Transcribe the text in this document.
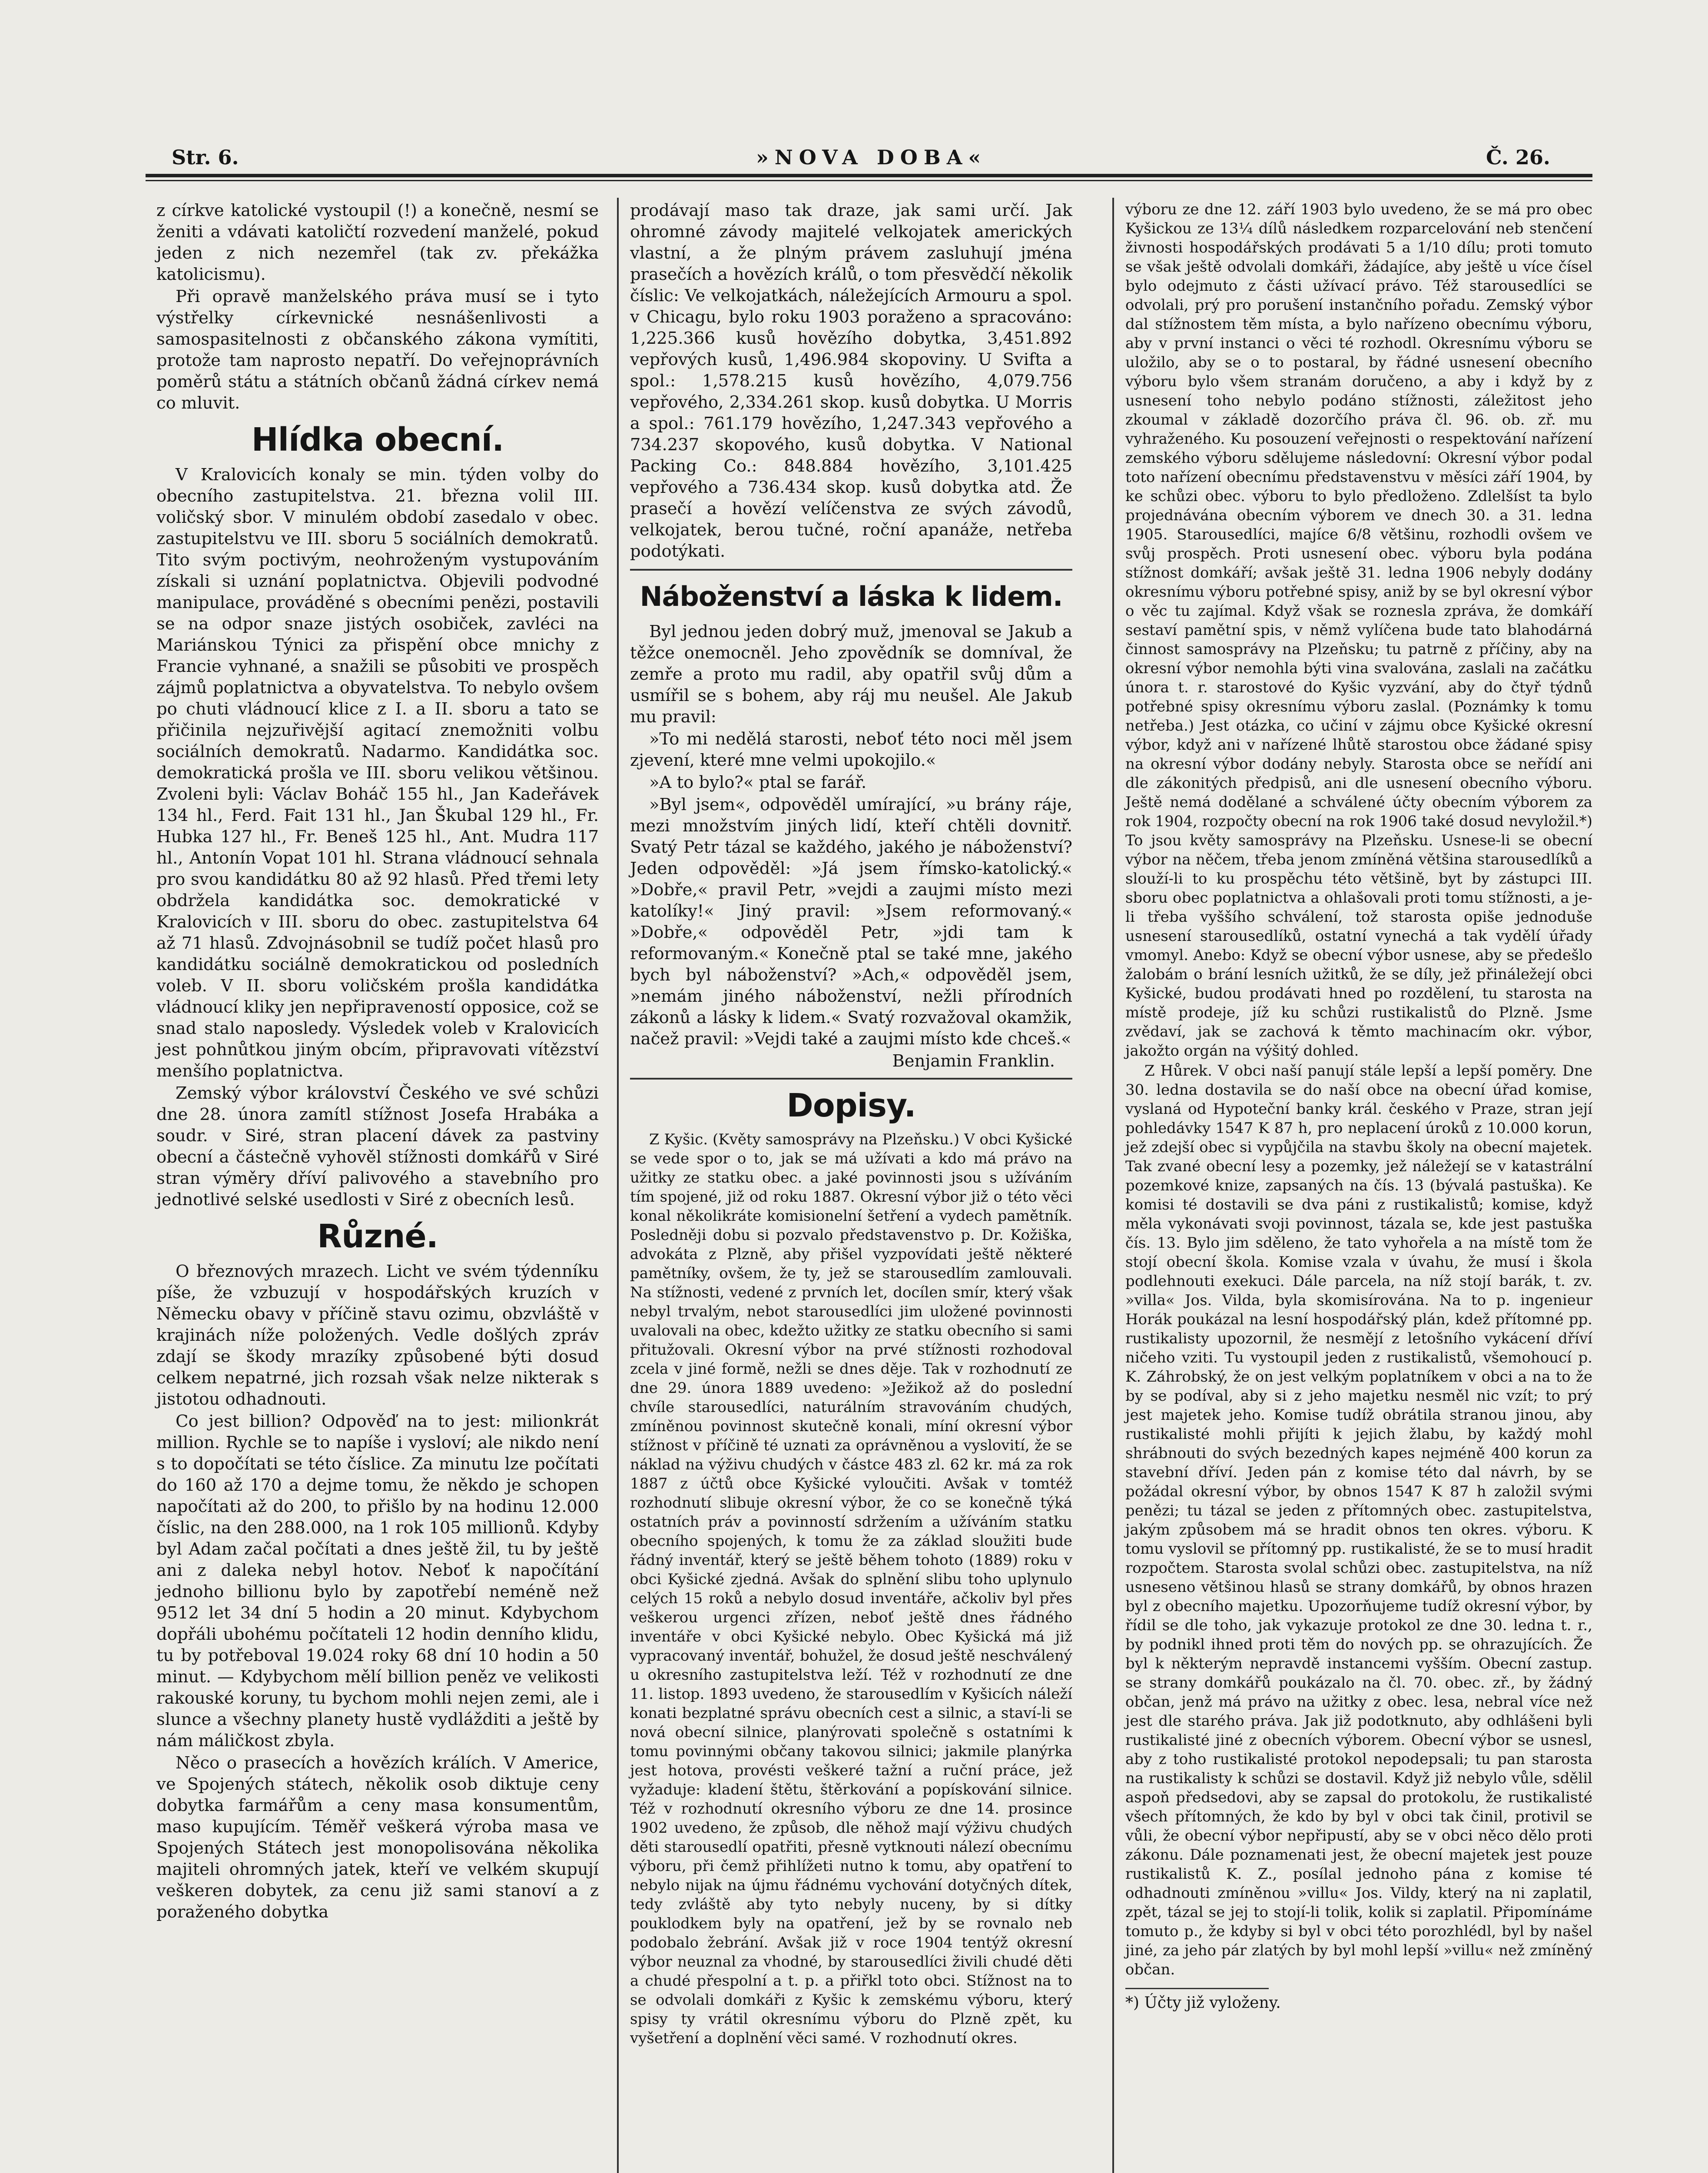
Str. 6.	»NOVA DOBA«	Č. 26.

z církve katolické vystoupil (!) a konečně, nesmí se ženiti a vdávati katoličtí rozvedení manželé, pokud jeden z nich nezemřel (tak zv. překážka katolicismu).

Při opravě manželského práva musí se i tyto výstřelky církevnické nesnášenlivosti a samospasitelnosti z občanského zákona vymítiti, protože tam naprosto nepatří. Do veřejnoprávních poměrů státu a státních občanů žádná církev nemá co mluvit.

Hlídka obecní.

V Kralovicích konaly se min. týden volby do obecního zastupitelstva. 21. března volil III. voličský sbor. V minulém období zasedalo v obec. zastupitelstvu ve III. sboru 5 sociálních demokratů. Tito svým poctivým, neohroženým vystupováním získali si uznání poplatnictva. Objevili podvodné manipulace, prováděné s obecními penězi, postavili se na odpor snaze jistých osobiček, zavléci na Mariánskou Týnici za přispění obce mnichy z Francie vyhnané, a snažili se působiti ve prospěch zájmů poplatnictva a obyvatelstva. To nebylo ovšem po chuti vládnoucí klice z I. a II. sboru a tato se přičinila nejzuřivější agitací znemožniti volbu sociálních demokratů. Nadarmo. Kandidátka soc. demokratická prošla ve III. sboru velikou většinou. Zvoleni byli: Václav Boháč 155 hl., Jan Kadeřávek 134 hl., Ferd. Fait 131 hl., Jan Škubal 129 hl., Fr. Hubka 127 hl., Fr. Beneš 125 hl., Ant. Mudra 117 hl., Antonín Vopat 101 hl. Strana vládnoucí sehnala pro svou kandidátku 80 až 92 hlasů. Před třemi lety obdržela kandidátka soc. demokratické v Kralovicích v III. sboru do obec. zastupitelstva 64 až 71 hlasů. Zdvojnásobnil se tudíž počet hlasů pro kandidátku sociálně demokratickou od posledních voleb. V II. sboru voličském prošla kandidátka vládnoucí kliky jen nepřipraveností opposice, což se snad stalo naposledy. Výsledek voleb v Kralovicích jest pohnůtkou jiným obcím, připravovati vítězství menšího poplatnictva.

Zemský výbor království Českého ve své schůzi dne 28. února zamítl stížnost Josefa Hrabáka a soudr. v Siré, stran placení dávek za pastviny obecní a částečně vyhověl stížnosti domkářů v Siré stran výměry dříví palivového a stavebního pro jednotlivé selské usedlosti v Siré z obecních lesů.

Různé.

O březnových mrazech. Licht ve svém týdenníku píše, že vzbuzují v hospodářských kruzích v Německu obavy v příčině stavu ozimu, obzvláště v krajinách níže položených. Vedle došlých zpráv zdají se škody mrazíky způsobené býti dosud celkem nepatrné, jich rozsah však nelze nikterak s jistotou odhadnouti.

Co jest billion? Odpověď na to jest: milionkrát million. Rychle se to napíše i vysloví; ale nikdo není s to dopočítati se této číslice. Za minutu lze počítati do 160 až 170 a dejme tomu, že někdo je schopen napočítati až do 200, to přišlo by na hodinu 12.000 číslic, na den 288.000, na 1 rok 105 millionů. Kdyby byl Adam začal počítati a dnes ještě žil, tu by ještě ani z daleka nebyl hotov. Neboť k napočítání jednoho billionu bylo by zapotřebí neméně než 9512 let 34 dní 5 hodin a 20 minut. Kdybychom dopřáli ubohému počítateli 12 hodin denního klidu, tu by potřeboval 19.024 roky 68 dní 10 hodin a 50 minut. — Kdybychom mělí billion peněz ve velikosti rakouské koruny, tu bychom mohli nejen zemi, ale i slunce a všechny planety hustě vydlážditi a ještě by nám máličkost zbyla.

Něco o prasecích a hovězích králích. V Americe, ve Spojených státech, několik osob diktuje ceny dobytka farmářům a ceny masa konsumentům, maso kupujícím. Téměř veškerá výroba masa ve Spojených Státech jest monopolisována několika majiteli ohromných jatek, kteří ve velkém skupují veškeren dobytek, za cenu již sami stanoví a z poraženého dobytka

prodávají maso tak draze, jak sami určí. Jak ohromné závody majitelé velkojatek amerických vlastní, a že plným právem zasluhují jména prasečích a hovězích králů, o tom přesvědčí několik číslic: Ve velkojatkách, náležejících Armouru a spol. v Chicagu, bylo roku 1903 poraženo a spracováno: 1,225.366 kusů hovězího dobytka, 3,451.892 vepřových kusů, 1,496.984 skopoviny. U Svifta a spol.: 1,578.215 kusů hovězího, 4,079.756 vepřového, 2,334.261 skop. kusů dobytka. U Morris a spol.: 761.179 hovězího, 1,247.343 vepřového a 734.237 skopového, kusů dobytka. V National Packing Co.: 848.884 hovězího, 3,101.425 vepřového a 736.434 skop. kusů dobytka atd. Že prasečí a hovězí velíčenstva ze svých závodů, velkojatek, berou tučné, roční apanáže, netřeba podotýkati.

Náboženství a láska k lidem.

Byl jednou jeden dobrý muž, jmenoval se Jakub a těžce onemocněl. Jeho zpovědník se domníval, že zemře a proto mu radil, aby opatřil svůj dům a usmířil se s bohem, aby ráj mu neušel. Ale Jakub mu pravil:

»To mi nedělá starosti, neboť této noci měl jsem zjevení, které mne velmi upokojilo.«

»A to bylo?« ptal se farář.

»Byl jsem«, odpověděl umírající, »u brány ráje, mezi množstvím jiných lidí, kteří chtěli dovnitř. Svatý Petr tázal se každého, jakého je náboženství? Jeden odpověděl: »Já jsem římsko-katolický.« »Dobře,« pravil Petr, »vejdi a zaujmi místo mezi katolíky!« Jiný pravil: »Jsem reformovaný.« »Dobře,« odpověděl Petr, »jdi tam k reformovaným.« Konečně ptal se také mne, jakého bych byl náboženství? »Ach,« odpověděl jsem, »nemám jiného náboženství, nežli přírodních zákonů a lásky k lidem.« Svatý rozvažoval okamžik, načež pravil: »Vejdi také a zaujmi místo kde chceš.«

Benjamin Franklin.

Dopisy.

Z Kyšic. (Květy samosprávy na Plzeňsku.) V obci Kyšické se vede spor o to, jak se má užívati a kdo má právo na užitky ze statku obec. a jaké povinnosti jsou s užíváním tím spojené, již od roku 1887. Okresní výbor již o této věci konal několikráte komisionelní šetření a vydech pamětník. Posledněji dobu si pozvalo představenstvo p. Dr. Kožiška, advokáta z Plzně, aby přišel vyzpovídati ještě některé pamětníky, ovšem, že ty, jež se starousedlím zamlouvali. Na stížnosti, vedené z prvních let, docílen smír, který však nebyl trvalým, nebot starousedlíci jim uložené povinnosti uvalovali na obec, kdežto užitky ze statku obecního si sami přitužovali. Okresní výbor na prvé stížnosti rozhodoval zcela v jiné formě, nežli se dnes děje. Tak v rozhodnutí ze dne 29. února 1889 uvedeno: »Ježikož až do poslední chvíle starousedlíci, naturálním stravováním chudých, zmíněnou povinnost skutečně konali, míní okresní výbor stížnost v příčině té uznati za oprávněnou a vyslovití, že se náklad na výživu chudých v částce 483 zl. 62 kr. má za rok 1887 z účtů obce Kyšické vyloučiti. Avšak v tomtéž rozhodnutí slibuje okresní výbor, že co se konečně týká ostatních práv a povinností sdržením a užíváním statku obecního spojených, k tomu že za základ sloužiti bude řádný inventář, který se ještě během tohoto (1889) roku v obci Kyšické zjedná. Avšak do splnění slibu toho uplynulo celých 15 roků a nebylo dosud inventáře, ačkoliv byl přes veškerou urgenci zřízen, neboť ještě dnes řádného inventáře v obci Kyšické nebylo. Obec Kyšická má již vypracovaný inventář, bohužel, že dosud ještě neschválený u okresního zastupitelstva leží. Též v rozhodnutí ze dne 11. listop. 1893 uvedeno, že starousedlím v Kyšicích náleží konati bezplatné správu obecních cest a silnic, a staví-li se nová obecní silnice, planýrovati společně s ostatními k tomu povinnými občany takovou silnici; jakmile planýrka jest hotova, provésti veškeré tažní a ruční práce, jež vyžaduje: kladení štětu, štěrkování a popískování silnice. Též v rozhodnutí okresního výboru ze dne 14. prosince 1902 uvedeno, že způsob, dle něhož mají výživu chudých děti starousedlí opatřiti, přesně vytknouti nálezí obecnímu výboru, při čemž přihlížeti nutno k tomu, aby opatření to nebylo nijak na újmu řádnému vychování dotyčných dítek, tedy zvláště aby tyto nebyly nuceny, by si dítky pouklodkem byly na opatření, jež by se rovnalo neb podobalo žebrání. Avšak již v roce 1904 tentýž okresní výbor neuznal za vhodné, by starousedlíci živili chudé děti a chudé přespolní a t. p. a přiřkl toto obci. Stížnost na to se odvolali domkáři z Kyšic k zemskému výboru, který spisy ty vrátil okresnímu výboru do Plzně zpět, ku vyšetření a doplnění věci samé. V rozhodnutí okres.

výboru ze dne 12. září 1903 bylo uvedeno, že se má pro obec Kyšickou ze 13¼ dílů následkem rozparcelování neb stenčení živnosti hospodářských prodávati 5 a 1/10 dílu; proti tomuto se však ještě odvolali domkáři, žádajíce, aby ještě u více čísel bylo odejmuto z části užívací právo. Též starousedlíci se odvolali, prý pro porušení instančního pořadu. Zemský výbor dal stížnostem těm místa, a bylo nařízeno obecnímu výboru, aby v první instanci o věci té rozhodl. Okresnímu výboru se uložilo, aby se o to postaral, by řádné usnesení obecního výboru bylo všem stranám doručeno, a aby i když by z usnesení toho nebylo podáno stížnosti, záležitost jeho zkoumal v základě dozorčího práva čl. 96. ob. zř. mu vyhraženého. Ku posouzení veřejnosti o respektování nařízení zemského výboru sdělujeme následovní: Okresní výbor podal toto nařízení obecnímu představenstvu v měsíci září 1904, by ke schůzi obec. výboru to bylo předloženo. Zdlelšíst ta bylo projednávána obecním výborem ve dnech 30. a 31. ledna 1905. Starousedlíci, majíce 6/8 většinu, rozhodli ovšem ve svůj prospěch. Proti usnesení obec. výboru byla podána stížnost domkáří; avšak ještě 31. ledna 1906 nebyly dodány okresnímu výboru potřebné spisy, aniž by se byl okresní výbor o věc tu zajímal. Když však se roznesla zpráva, že domkáří sestaví pamětní spis, v němž vylíčena bude tato blahodárná činnost samosprávy na Plzeňsku; tu patrně z příčiny, aby na okresní výbor nemohla býti vina svalována, zaslali na začátku února t. r. starostové do Kyšic vyzvání, aby do čtyř týdnů potřebné spisy okresnímu výboru zaslal. (Poznámky k tomu netřeba.) Jest otázka, co učiní v zájmu obce Kyšické okresní výbor, když ani v nařízené lhůtě starostou obce žádané spisy na okresní výbor dodány nebyly. Starosta obce se neřídí ani dle zákonitých předpisů, ani dle usnesení obecního výboru. Ještě nemá dodělané a schválené účty obecním výborem za rok 1904, rozpočty obecní na rok 1906 také dosud nevyložil.*) To jsou květy samosprávy na Plzeňsku. Usnese-li se obecní výbor na něčem, třeba jenom zmíněná většina starousedlíků a slouží-li to ku prospěchu této většině, byt by zástupci III. sboru obec poplatnictva a ohlašovali proti tomu stížnosti, a je-li třeba vyššího schválení, tož starosta opiše jednoduše usnesení starousedlíků, ostatní vynechá a tak vydělí úřady vmomyl. Anebo: Když se obecní výbor usnese, aby se předešlo žalobám o brání lesních užitků, že se díly, jež přináležejí obci Kyšické, budou prodávati hned po rozdělení, tu starosta na místě prodeje, jíž ku schůzi rustikalistů do Plzně. Jsme zvědaví, jak se zachová k těmto machinacím okr. výbor, jakožto orgán na výšitý dohled.

Z Hůrek. V obci naší panují stále lepší a lepší poměry. Dne 30. ledna dostavila se do naší obce na obecní úřad komise, vyslaná od Hypoteční banky král. českého v Praze, stran její pohledávky 1547 K 87 h, pro neplacení úroků z 10.000 korun, jež zdejší obec si vypůjčila na stavbu školy na obecní majetek. Tak zvané obecní lesy a pozemky, jež náležejí se v katastrální pozemkové knize, zapsaných na čís. 13 (bývalá pastuška). Ke komisi té dostavili se dva páni z rustikalistů; komise, když měla vykonávati svoji povinnost, tázala se, kde jest pastuška čís. 13. Bylo jim sděleno, že tato vyhořela a na místě tom že stojí obecní škola. Komise vzala v úvahu, že musí i škola podlehnouti exekuci. Dále parcela, na níž stojí barák, t. zv. »villa« Jos. Vilda, byla skomisírována. Na to p. ingenieur Horák poukázal na lesní hospodářský plán, kdež přítomné pp. rustikalisty upozornil, že nesmějí z letošního vykácení dříví ničeho vziti. Tu vystoupil jeden z rustikalistů, všemohoucí p. K. Záhrobský, že on jest velkým poplatníkem v obci a na to že by se podíval, aby si z jeho majetku nesměl nic vzít; to prý jest majetek jeho. Komise tudíž obrátila stranou jinou, aby rustikalisté mohli přijíti k jejich žlabu, by každý mohl shrábnouti do svých bezedných kapes nejméně 400 korun za stavební dříví. Jeden pán z komise této dal návrh, by se požádal okresní výbor, by obnos 1547 K 87 h založil svými penězi; tu tázal se jeden z přítomných obec. zastupitelstva, jakým způsobem má se hradit obnos ten okres. výboru. K tomu vyslovil se přítomný pp. rustikalisté, že se to musí hradit rozpočtem. Starosta svolal schůzi obec. zastupitelstva, na níž usneseno většinou hlasů se strany domkářů, by obnos hrazen byl z obecního majetku. Upozorňujeme tudíž okresní výbor, by řídil se dle toho, jak vykazuje protokol ze dne 30. ledna t. r., by podnikl ihned proti těm do nových pp. se ohrazujících. Že byl k některým nepravdě instancemi vyšším. Obecní zastup. se strany domkářů poukázalo na čl. 70. obec. zř., by žádný občan, jenž má právo na užitky z obec. lesa, nebral více než jest dle starého práva. Jak již podotknuto, aby odhlášeni byli rustikalisté jiné z obecních výborem. Obecní výbor se usnesl, aby z toho rustikalisté protokol nepodepsali; tu pan starosta na rustikalisty k schůzi se dostavil. Když již nebylo vůle, sdělil aspoň předsedovi, aby se zapsal do protokolu, že rustikalisté všech přítomných, že kdo by byl v obci tak činil, protivil se vůli, že obecní výbor nepřipustí, aby se v obci něco dělo proti zákonu. Dále poznamenati jest, že obecní majetek jest pouze rustikalistů K. Z., posílal jednoho pána z komise té odhadnouti zmíněnou »villu« Jos. Vildy, který na ni zaplatil, zpět, tázal se jej to stojí-li tolik, kolik si zaplatil. Připomínáme tomuto p., že kdyby si byl v obci této porozhlédl, byl by našel jiné, za jeho pár zlatých by byl mohl lepší »villu« než zmíněný občan.

*) Účty již vyloženy.
